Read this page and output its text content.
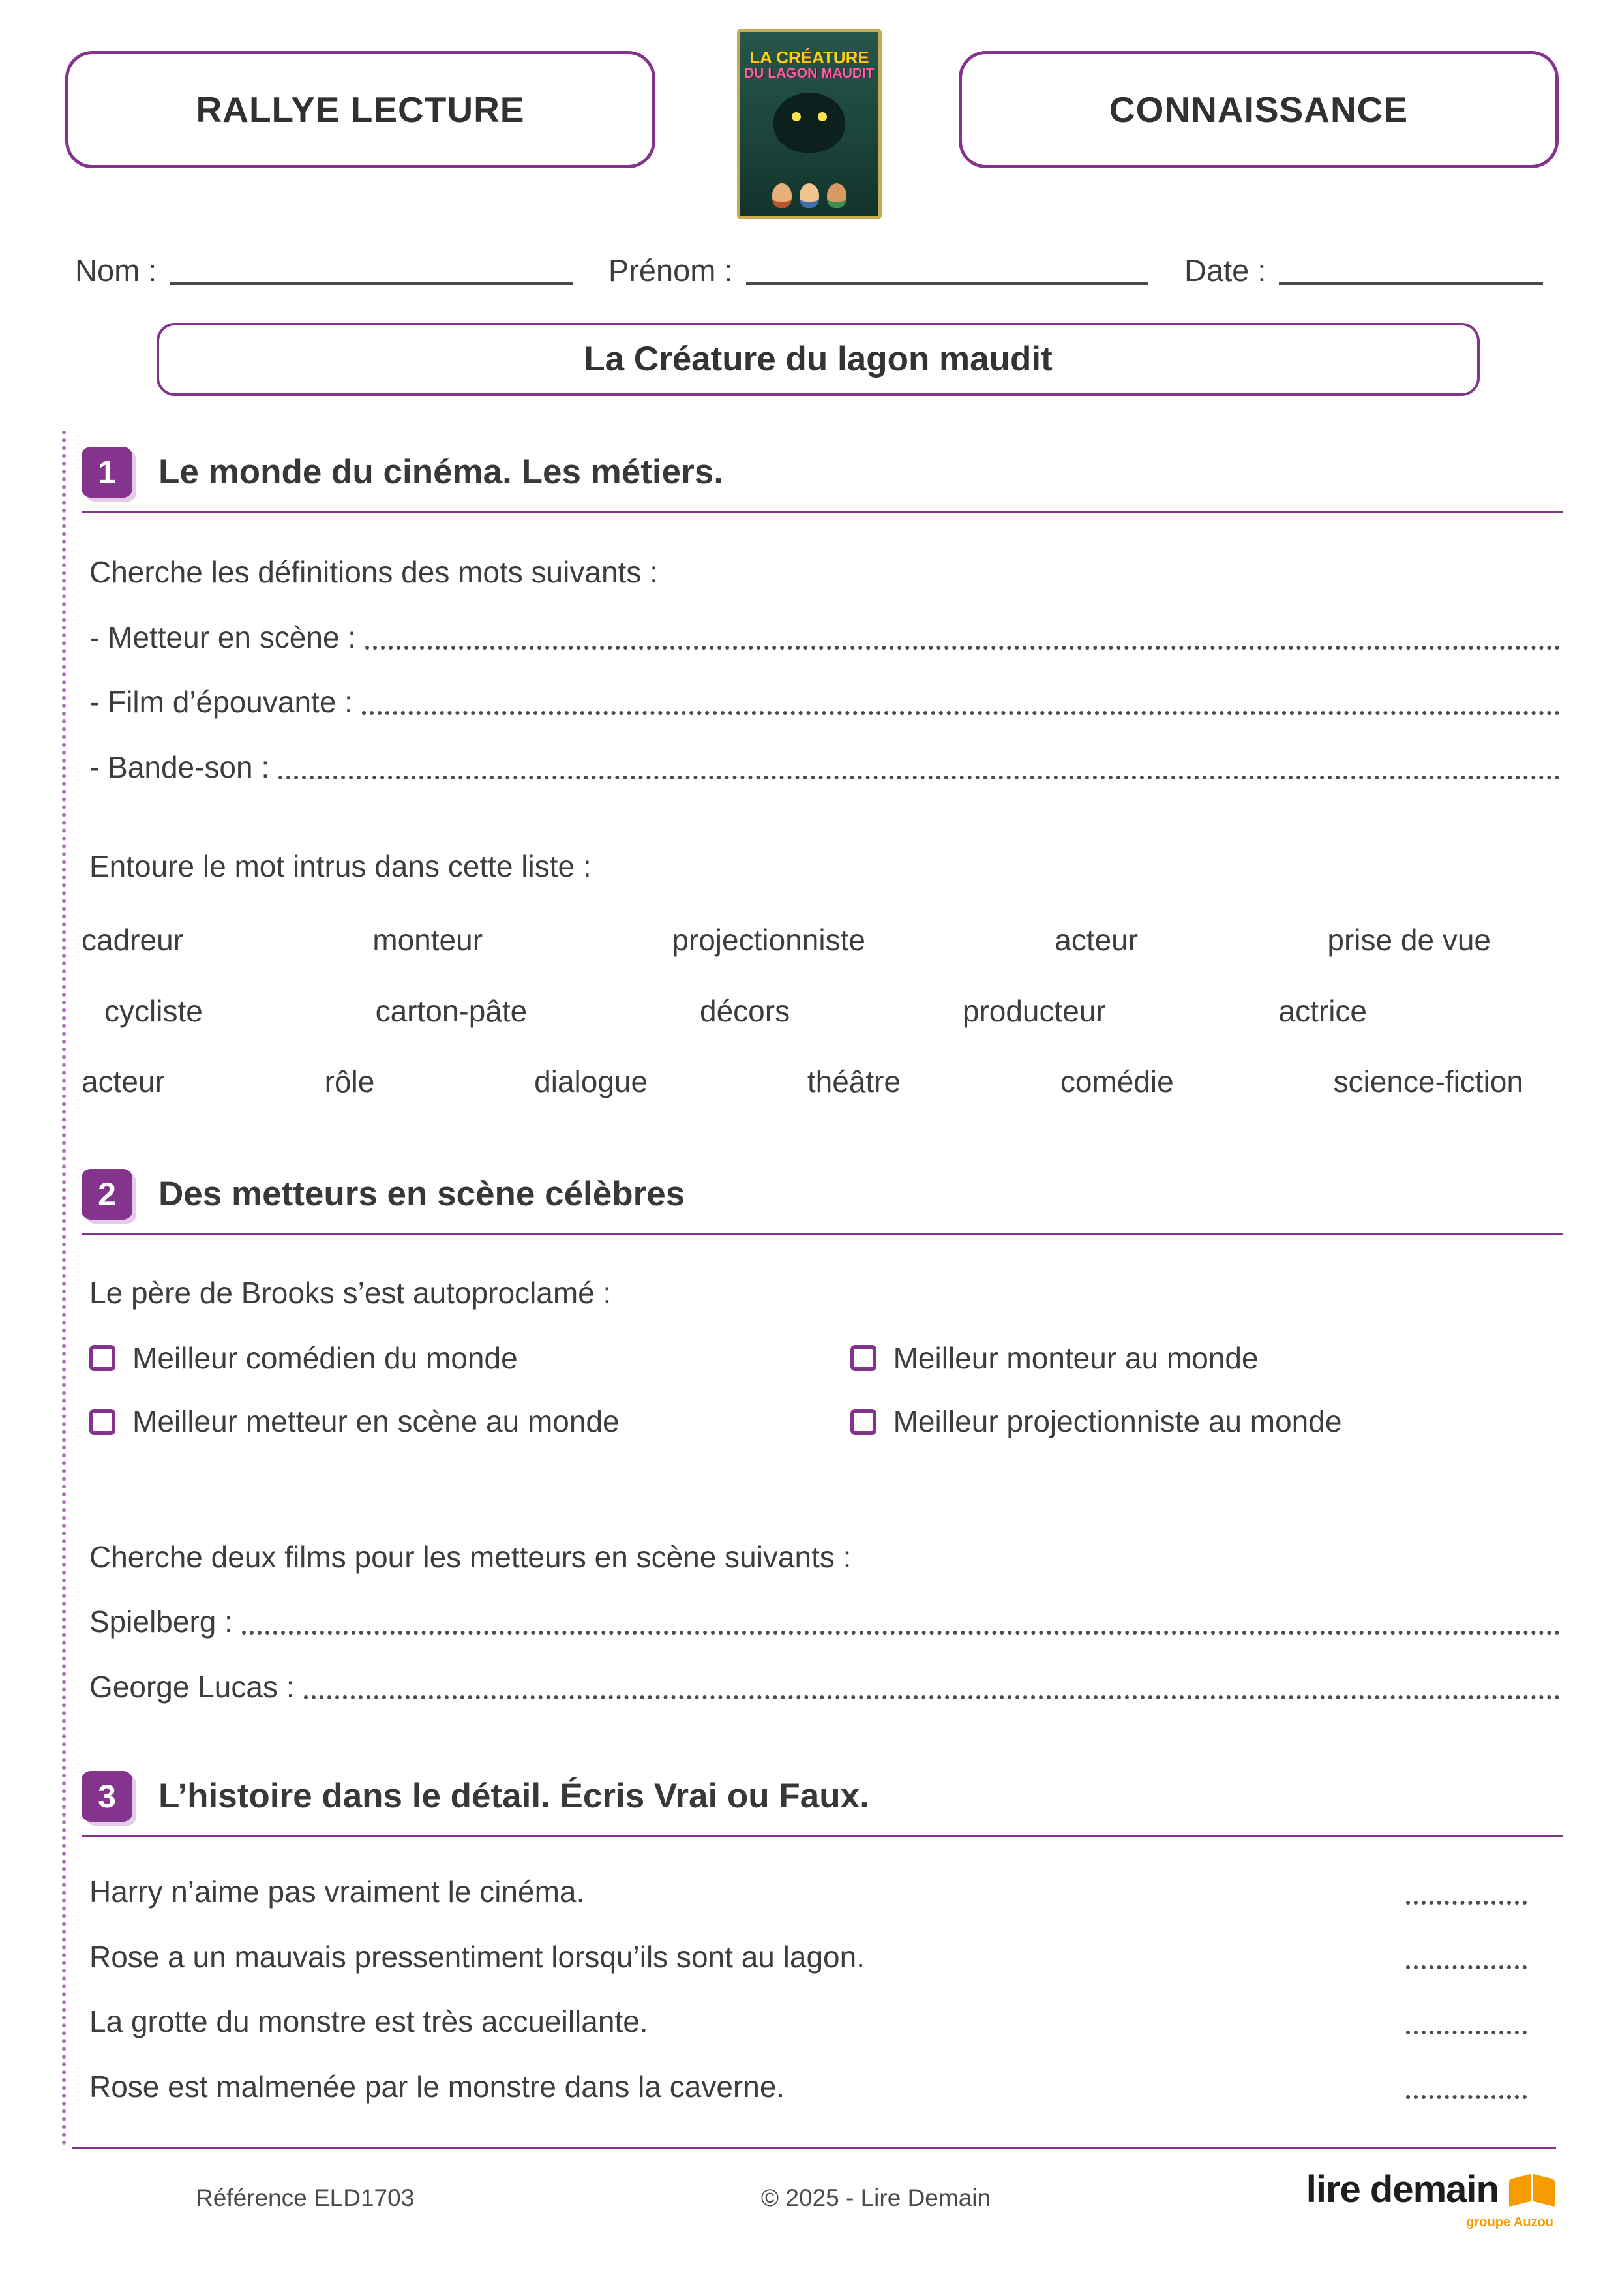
RALLYE LECTURE
LA CRÉATURE
DU LAGON MAUDIT
CONNAISSANCE
Nom :	Prénom :	Date :
La Créature du lagon maudit
1	Le monde du cinéma. Les métiers.

Cherche les définitions des mots suivants :

- Metteur en scène :
- Film d’épouvante :
- Bande-son :

Entoure le mot intrus dans cette liste :

cadreur	monteur	projectionniste	acteur	prise de vue
cycliste	carton-pâte	décors	producteur	actrice
acteur	rôle	dialogue	théâtre	comédie	science-fiction
2	Des metteurs en scène célèbres

Le père de Brooks s’est autoproclamé :

Meilleur comédien du monde	Meilleur monteur au monde
Meilleur metteur en scène au monde	Meilleur projectionniste au monde

Cherche deux films pour les metteurs en scène suivants :

Spielberg :
George Lucas :
3	L’histoire dans le détail. Écris Vrai ou Faux.
Harry n’aime pas vraiment le cinéma.
Rose a un mauvais pressentiment lorsqu’ils sont au lagon.
La grotte du monstre est très accueillante.
Rose est malmenée par le monstre dans la caverne.
Référence ELD1703	© 2025 - Lire Demain	lire demain
groupe Auzou
